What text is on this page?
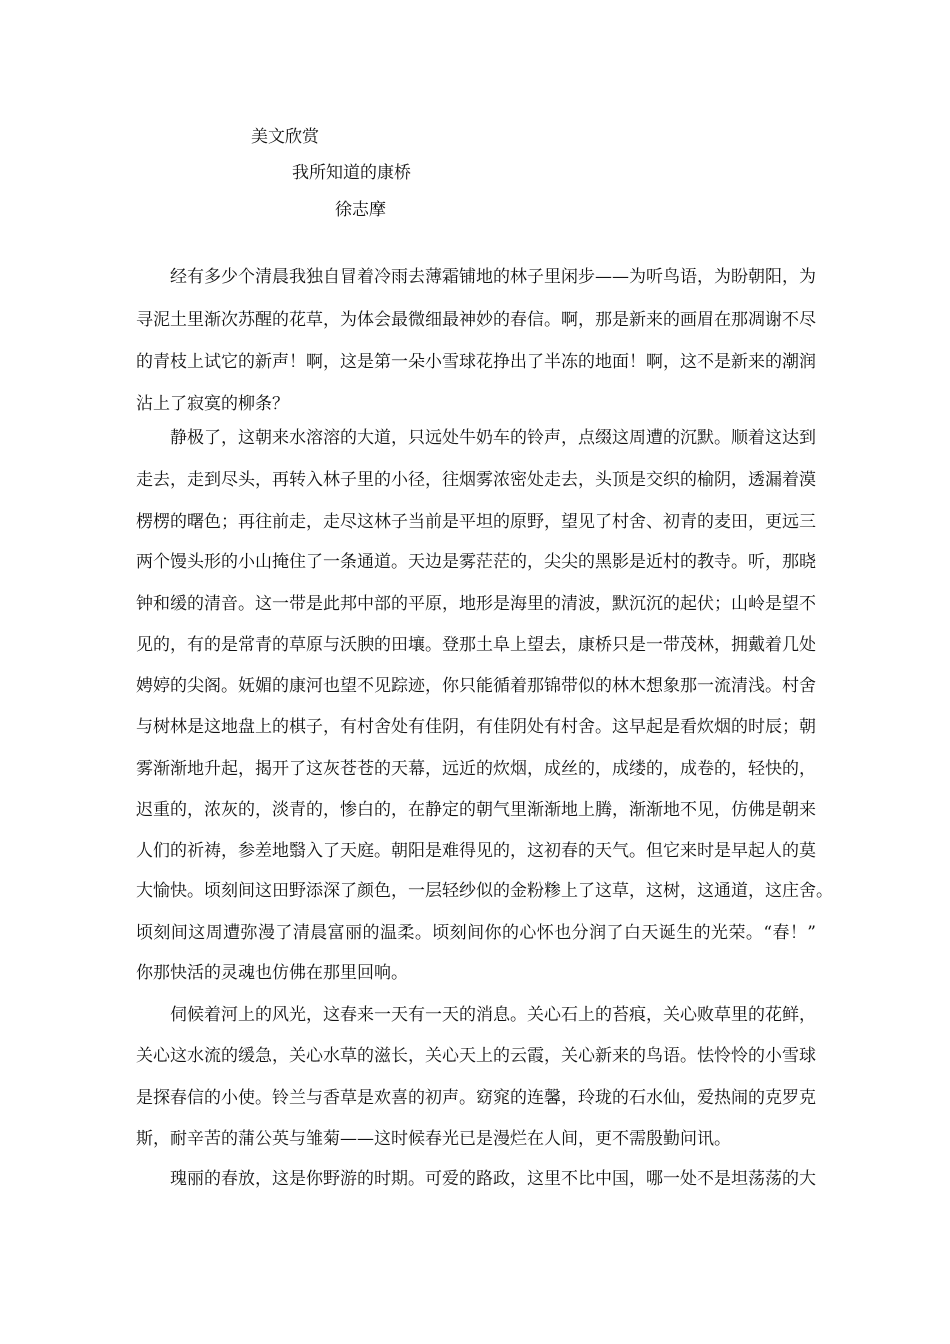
美文欣赏
我所知道的康桥
徐志摩
经有多少个清晨我独自冒着冷雨去薄霜铺地的林子里闲步——为听鸟语，为盼朝阳，为
寻泥土里渐次苏醒的花草，为体会最微细最神妙的春信。啊，那是新来的画眉在那凋谢不尽
的青枝上试它的新声！啊，这是第一朵小雪球花挣出了半冻的地面！啊，这不是新来的潮润
沾上了寂寞的柳条？
静极了，这朝来水溶溶的大道，只远处牛奶车的铃声，点缀这周遭的沉默。顺着这达到
走去，走到尽头，再转入林子里的小径，往烟雾浓密处走去，头顶是交织的榆阴，透漏着漠
楞楞的曙色；再往前走，走尽这林子当前是平坦的原野，望见了村舍、初青的麦田，更远三
两个馒头形的小山掩住了一条通道。天边是雾茫茫的，尖尖的黑影是近村的教寺。听，那晓
钟和缓的清音。这一带是此邦中部的平原，地形是海里的清波，默沉沉的起伏；山岭是望不
见的，有的是常青的草原与沃腴的田壤。登那土阜上望去，康桥只是一带茂林，拥戴着几处
娉婷的尖阁。妩媚的康河也望不见踪迹，你只能循着那锦带似的林木想象那一流清浅。村舍
与树林是这地盘上的棋子，有村舍处有佳阴，有佳阴处有村舍。这早起是看炊烟的时辰；朝
雾渐渐地升起，揭开了这灰苍苍的天幕，远近的炊烟，成丝的，成缕的，成卷的，轻快的，
迟重的，浓灰的，淡青的，惨白的，在静定的朝气里渐渐地上腾，渐渐地不见，仿佛是朝来
人们的祈祷，参差地翳入了天庭。朝阳是难得见的，这初春的天气。但它来时是早起人的莫
大愉快。顷刻间这田野添深了颜色，一层轻纱似的金粉糁上了这草，这树，这通道，这庄舍。
顷刻间这周遭弥漫了清晨富丽的温柔。顷刻间你的心怀也分润了白天诞生的光荣。“春！”
你那快活的灵魂也仿佛在那里回响。
伺候着河上的风光，这春来一天有一天的消息。关心石上的苔痕，关心败草里的花鲜，
关心这水流的缓急，关心水草的滋长，关心天上的云霞，关心新来的鸟语。怯怜怜的小雪球
是探春信的小使。铃兰与香草是欢喜的初声。窈窕的连馨，玲珑的石水仙，爱热闹的克罗克
斯，耐辛苦的蒲公英与雏菊——这时候春光已是漫烂在人间，更不需殷勤问讯。
瑰丽的春放，这是你野游的时期。可爱的路政，这里不比中国，哪一处不是坦荡荡的大
